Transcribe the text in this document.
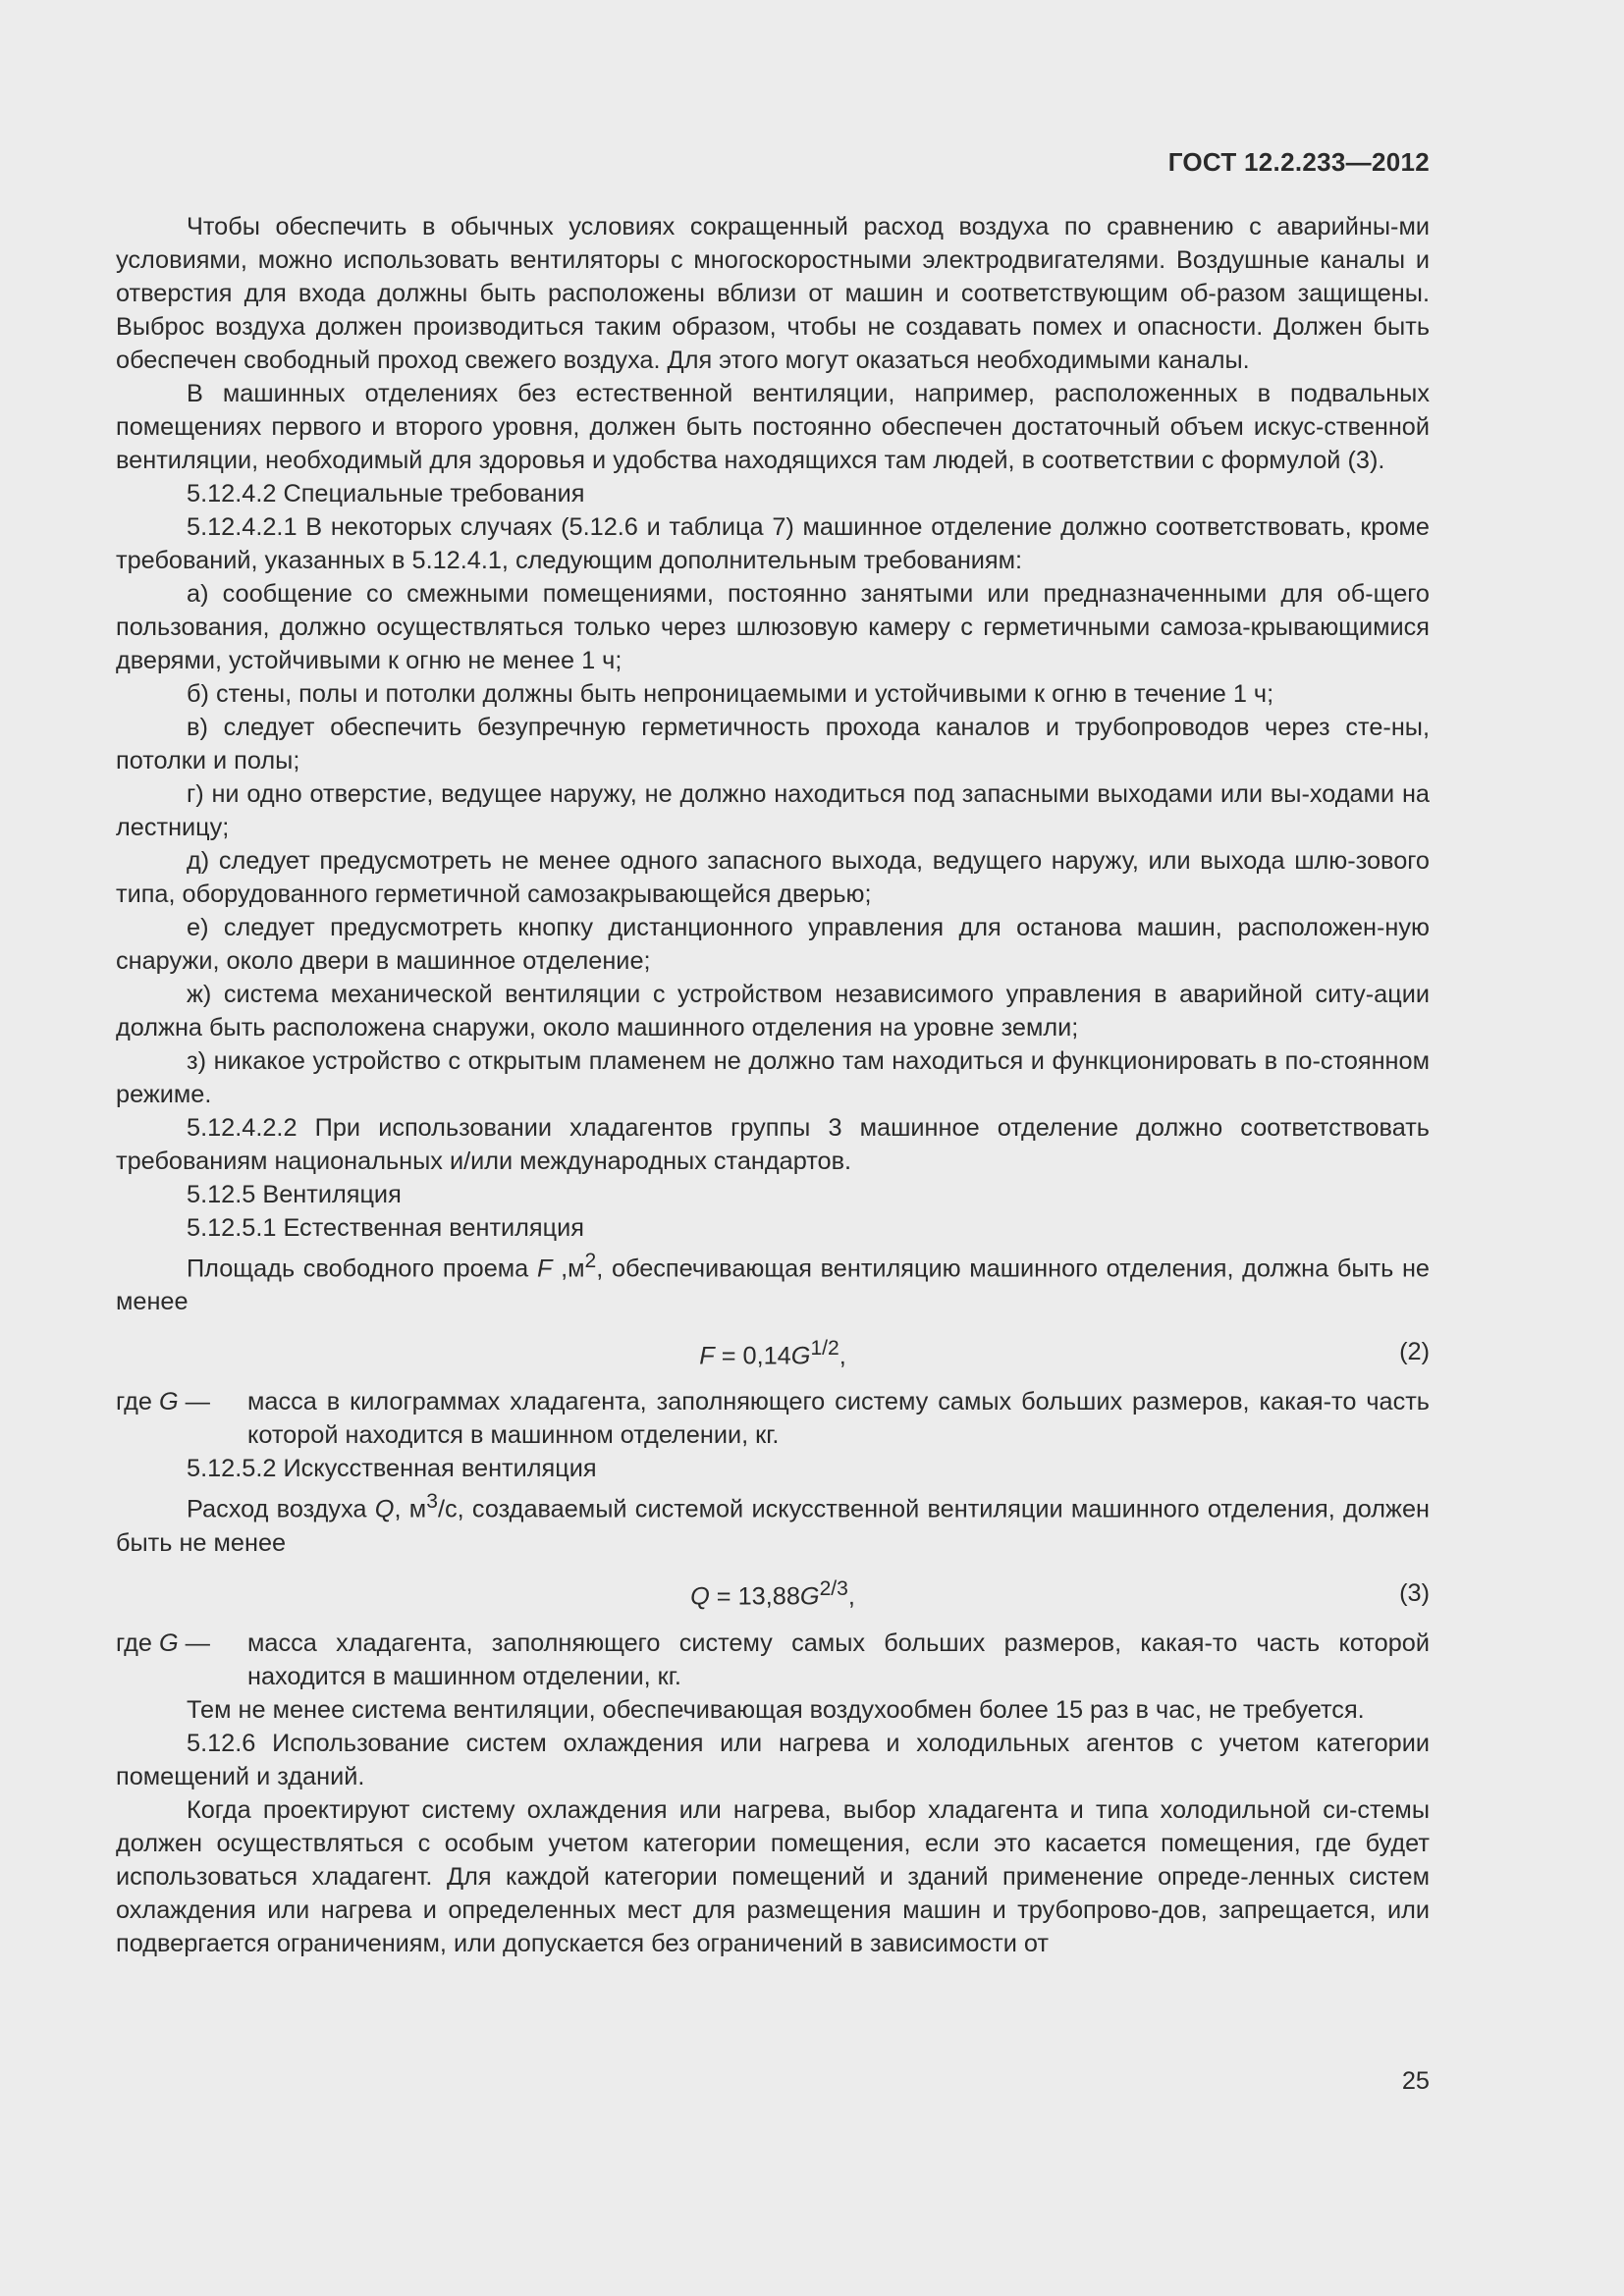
ГОСТ 12.2.233—2012

Чтобы обеспечить в обычных условиях сокращенный расход воздуха по сравнению с аварийны-ми условиями, можно использовать вентиляторы с многоскоростными электродвигателями. Воздушные каналы и отверстия для входа должны быть расположены вблизи от машин и соответствующим об-разом защищены. Выброс воздуха должен производиться таким образом, чтобы не создавать помех и опасности. Должен быть обеспечен свободный проход свежего воздуха. Для этого могут оказаться необходимыми каналы.

В машинных отделениях без естественной вентиляции, например, расположенных в подвальных помещениях первого и второго уровня, должен быть постоянно обеспечен достаточный объем искус-ственной вентиляции, необходимый для здоровья и удобства находящихся там людей, в соответствии с формулой (3).

5.12.4.2 Специальные требования

5.12.4.2.1 В некоторых случаях (5.12.6 и таблица 7) машинное отделение должно соответствовать, кроме требований, указанных в 5.12.4.1, следующим дополнительным требованиям:

а) сообщение со смежными помещениями, постоянно занятыми или предназначенными для об-щего пользования, должно осуществляться только через шлюзовую камеру с герметичными самоза-крывающимися дверями, устойчивыми к огню не менее 1 ч;

б) стены, полы и потолки должны быть непроницаемыми и устойчивыми к огню в течение 1 ч;

в) следует обеспечить безупречную герметичность прохода каналов и трубопроводов через сте-ны, потолки и полы;

г) ни одно отверстие, ведущее наружу, не должно находиться под запасными выходами или вы-ходами на лестницу;

д) следует предусмотреть не менее одного запасного выхода, ведущего наружу, или выхода шлю-зового типа, оборудованного герметичной самозакрывающейся дверью;

е) следует предусмотреть кнопку дистанционного управления для останова машин, расположен-ную снаружи, около двери в машинное отделение;

ж) система механической вентиляции с устройством независимого управления в аварийной ситу-ации должна быть расположена снаружи, около машинного отделения на уровне земли;

з) никакое устройство с открытым пламенем не должно там находиться и функционировать в по-стоянном режиме.

5.12.4.2.2 При использовании хладагентов группы 3 машинное отделение должно соответствовать требованиям национальных и/или международных стандартов.

5.12.5 Вентиляция

5.12.5.1 Естественная вентиляция

Площадь свободного проема F $,м^2$, обеспечивающая вентиляцию машинного отделения, должна быть не менее

$F = 0,14G^{1/2}$,	(2)
где G —	масса в килограммах хладагента, заполняющего систему самых больших размеров, какая-то часть которой находится в машинном отделении, кг.

5.12.5.2 Искусственная вентиляция

Расход воздуха Q, $м^3/с$, создаваемый системой искусственной вентиляции машинного отделения, должен быть не менее

$Q = 13,88G^{2/3}$,	(3)
где G —	масса хладагента, заполняющего систему самых больших размеров, какая-то часть которой находится в машинном отделении, кг.

Тем не менее система вентиляции, обеспечивающая воздухообмен более 15 раз в час, не требуется.

5.12.6 Использование систем охлаждения или нагрева и холодильных агентов с учетом категории помещений и зданий.

Когда проектируют систему охлаждения или нагрева, выбор хладагента и типа холодильной си-стемы должен осуществляться с особым учетом категории помещения, если это касается помещения, где будет использоваться хладагент. Для каждой категории помещений и зданий применение опреде-ленных систем охлаждения или нагрева и определенных мест для размещения машин и трубопрово-дов, запрещается, или подвергается ограничениям, или допускается без ограничений в зависимости от

25
